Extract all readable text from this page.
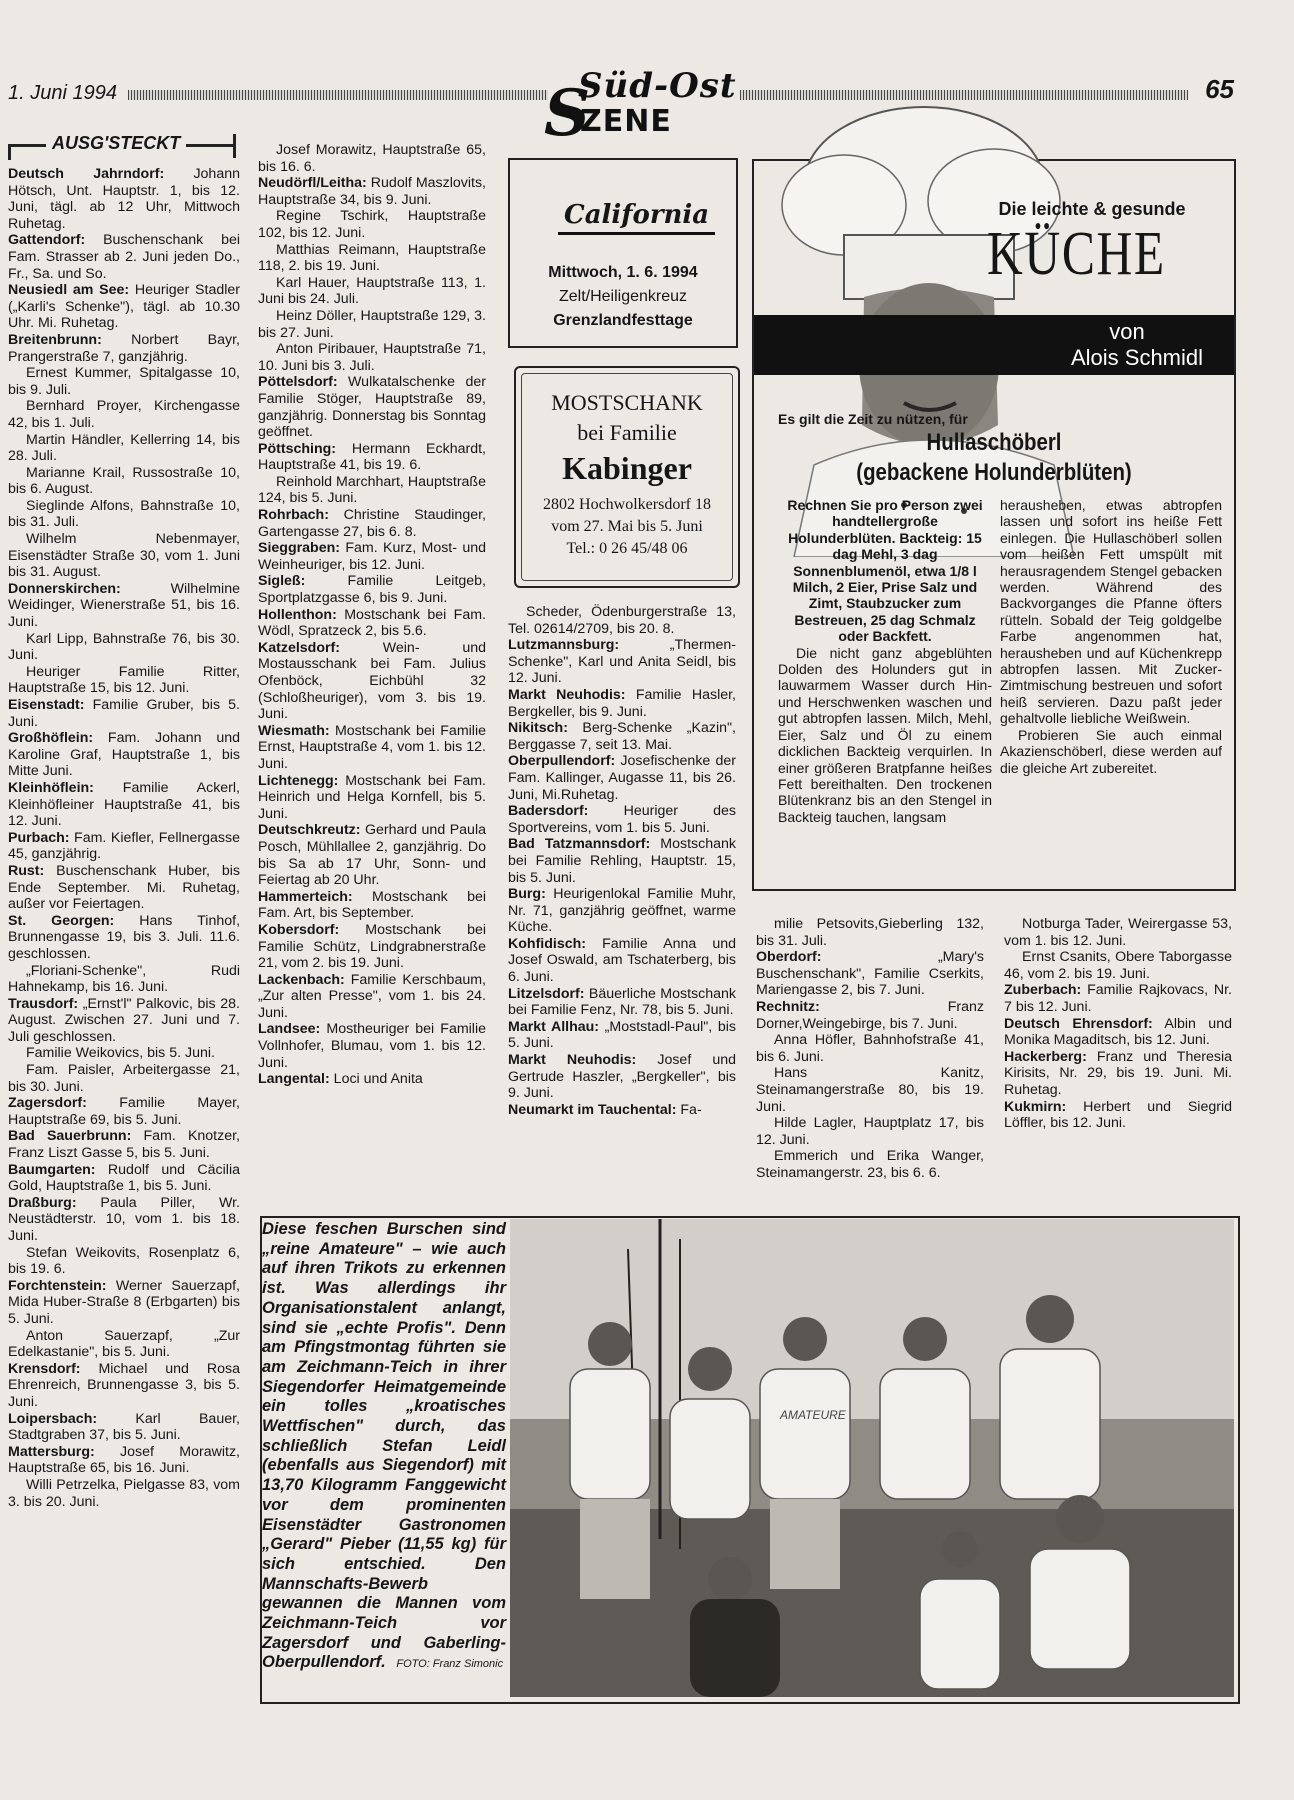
1. Juni 1994	65
Süd-Ost
ZENE
S
AUSG'STECKT

Deutsch Jahrndorf: Johann Hötsch, Unt. Hauptstr. 1, bis 12. Juni, tägl. ab 12 Uhr, Mittwoch Ruhetag.

Gattendorf: Buschenschank bei Fam. Strasser ab 2. Juni jeden Do., Fr., Sa. und So.

Neusiedl am See: Heuriger Stadler („Karli's Schenke"), tägl. ab 10.30 Uhr. Mi. Ruhetag.

Breitenbrunn: Norbert Bayr, Prangerstraße 7, ganzjährig.

Ernest Kummer, Spitalgasse 10, bis 9. Juli.

Bernhard Proyer, Kirchengasse 42, bis 1. Juli.

Martin Händler, Kellerring 14, bis 28. Juli.

Marianne Krail, Russostraße 10, bis 6. August.

Sieglinde Alfons, Bahnstraße 10, bis 31. Juli.

Wilhelm Nebenmayer, Eisenstädter Straße 30, vom 1. Juni bis 31. August.

Donnerskirchen: Wilhelmine Weidinger, Wienerstraße 51, bis 16. Juni.

Karl Lipp, Bahnstraße 76, bis 30. Juni.

Heuriger Familie Ritter, Hauptstraße 15, bis 12. Juni.

Eisenstadt: Familie Gruber, bis 5. Juni.

Großhöflein: Fam. Johann und Karoline Graf, Hauptstraße 1, bis Mitte Juni.

Kleinhöflein: Familie Ackerl, Kleinhöfleiner Hauptstraße 41, bis 12. Juni.

Purbach: Fam. Kiefler, Fellnergasse 45, ganzjährig.

Rust: Buschenschank Huber, bis Ende September. Mi. Ruhetag, außer vor Feiertagen.

St. Georgen: Hans Tinhof, Brunnengasse 19, bis 3. Juli. 11.6. geschlossen.

„Floriani-Schenke", Rudi Hahnekamp, bis 16. Juni.

Trausdorf: „Ernst'l" Palkovic, bis 28. August. Zwischen 27. Juni und 7. Juli geschlossen.

Familie Weikovics, bis 5. Juni.

Fam. Paisler, Arbeitergasse 21, bis 30. Juni.

Zagersdorf: Familie Mayer, Hauptstraße 69, bis 5. Juni.

Bad Sauerbrunn: Fam. Knotzer, Franz Liszt Gasse 5, bis 5. Juni.

Baumgarten: Rudolf und Cäcilia Gold, Hauptstraße 1, bis 5. Juni.

Draßburg: Paula Piller, Wr. Neustädterstr. 10, vom 1. bis 18. Juni.

Stefan Weikovits, Rosenplatz 6, bis 19. 6.

Forchtenstein: Werner Sauerzapf, Mida Huber-Straße 8 (Erbgarten) bis 5. Juni.

Anton Sauerzapf, „Zur Edelkastanie", bis 5. Juni.

Krensdorf: Michael und Rosa Ehrenreich, Brunnengasse 3, bis 5. Juni.

Loipersbach: Karl Bauer, Stadtgraben 37, bis 5. Juni.

Mattersburg: Josef Morawitz, Hauptstraße 65, bis 16. Juni.

Willi Petrzelka, Pielgasse 83, vom 3. bis 20. Juni.

Josef Morawitz, Hauptstraße 65, bis 16. 6.

Neudörfl/Leitha: Rudolf Maszlovits, Hauptstraße 34, bis 9. Juni.

Regine Tschirk, Hauptstraße 102, bis 12. Juni.

Matthias Reimann, Hauptstraße 118, 2. bis 19. Juni.

Karl Hauer, Hauptstraße 113, 1. Juni bis 24. Juli.

Heinz Döller, Hauptstraße 129, 3. bis 27. Juni.

Anton Piribauer, Hauptstraße 71, 10. Juni bis 3. Juli.

Pöttelsdorf: Wulkatalschenke der Familie Stöger, Hauptstraße 89, ganzjährig. Donnerstag bis Sonntag geöffnet.

Pöttsching: Hermann Eckhardt, Hauptstraße 41, bis 19. 6.

Reinhold Marchhart, Hauptstraße 124, bis 5. Juni.

Rohrbach: Christine Staudinger, Gartengasse 27, bis 6. 8.

Sieggraben: Fam. Kurz, Most- und Weinheuriger, bis 12. Juni.

Sigleß: Familie Leitgeb, Sportplatzgasse 6, bis 9. Juni.

Hollenthon: Mostschank bei Fam. Wödl, Spratzeck 2, bis 5.6.

Katzelsdorf: Wein- und Mostausschank bei Fam. Julius Ofenböck, Eichbühl 32 (Schloßheuriger), vom 3. bis 19. Juni.

Wiesmath: Mostschank bei Familie Ernst, Hauptstraße 4, vom 1. bis 12. Juni.

Lichtenegg: Mostschank bei Fam. Heinrich und Helga Kornfell, bis 5. Juni.

Deutschkreutz: Gerhard und Paula Posch, Mühllallee 2, ganzjährig. Do bis Sa ab 17 Uhr, Sonn- und Feiertag ab 20 Uhr.

Hammerteich: Mostschank bei Fam. Art, bis September.

Kobersdorf: Mostschank bei Familie Schütz, Lindgrabnerstraße 21, vom 2. bis 19. Juni.

Lackenbach: Familie Kerschbaum, „Zur alten Presse", vom 1. bis 24. Juni.

Landsee: Mostheuriger bei Familie Vollnhofer, Blumau, vom 1. bis 12. Juni.

Langental: Loci und Anita

California
Mittwoch, 1. 6. 1994
Zelt/Heiligenkreuz
Grenzlandfesttage
MOSTSCHANK
bei Familie
Kabinger
2802 Hochwolkersdorf 18
vom 27. Mai bis 5. Juni
Tel.: 0 26 45/48 06

Scheder, Ödenburgerstraße 13, Tel. 02614/2709, bis 20. 8.

Lutzmannsburg: „Thermen-Schenke", Karl und Anita Seidl, bis 12. Juni.

Markt Neuhodis: Familie Hasler, Bergkeller, bis 9. Juni.

Nikitsch: Berg-Schenke „Kazin", Berggasse 7, seit 13. Mai.

Oberpullendorf: Josefischenke der Fam. Kallinger, Augasse 11, bis 26. Juni, Mi.Ruhetag.

Badersdorf: Heuriger des Sportvereins, vom 1. bis 5. Juni.

Bad Tatzmannsdorf: Mostschank bei Familie Rehling, Hauptstr. 15, bis 5. Juni.

Burg: Heurigenlokal Familie Muhr, Nr. 71, ganzjährig geöffnet, warme Küche.

Kohfidisch: Familie Anna und Josef Oswald, am Tschaterberg, bis 6. Juni.

Litzelsdorf: Bäuerliche Mostschank bei Familie Fenz, Nr. 78, bis 5. Juni.

Markt Allhau: „Moststadl-Paul", bis 5. Juni.

Markt Neuhodis: Josef und Gertrude Haszler, „Bergkeller", bis 9. Juni.

Neumarkt im Tauchental: Fa-

Die leichte & gesunde
KÜCHE
von
Alois Schmidl
Es gilt die Zeit zu nützen, für
Hullaschöberl
(gebackene Holunderblüten)

Rechnen Sie pro Person zwei handtellergroße Holunderblüten. Backteig: 15 dag Mehl, 3 dag Sonnenblumenöl, etwa 1/8 l Milch, 2 Eier, Prise Salz und Zimt, Staubzucker zum Bestreuen, 25 dag Schmalz oder Backfett.

Die nicht ganz abgeblühten Dolden des Holunders gut in lauwarmem Wasser durch Hin- und Herschwenken waschen und gut abtropfen lassen. Milch, Mehl, Eier, Salz und Öl zu einem dicklichen Backteig verquirlen. In einer größeren Bratpfanne heißes Fett bereithalten. Den trockenen Blütenkranz bis an den Stengel in Backteig tauchen, langsam

herausheben, etwas abtropfen lassen und sofort ins heiße Fett einlegen. Die Hullaschöberl sollen vom heißen Fett umspült mit herausragendem Stengel gebacken werden. Während des Backvorganges die Pfanne öfters rütteln. Sobald der Teig goldgelbe Farbe angenommen hat, herausheben und auf Küchenkrepp abtropfen lassen. Mit Zucker-Zimtmischung bestreuen und sofort heiß servieren. Dazu paßt jeder gehaltvolle liebliche Weißwein.

Probieren Sie auch einmal Akazienschöberl, diese werden auf die gleiche Art zubereitet.

milie Petsovits,Gieberling 132, bis 31. Juli.

Oberdorf: „Mary's Buschenschank", Familie Cserkits, Mariengasse 2, bis 7. Juni.

Rechnitz: Franz Dorner,Weingebirge, bis 7. Juni.

Anna Höfler, Bahnhofstraße 41, bis 6. Juni.

Hans Kanitz, Steinamangerstraße 80, bis 19. Juni.

Hilde Lagler, Hauptplatz 17, bis 12. Juni.

Emmerich und Erika Wanger, Steinamangerstr. 23, bis 6. 6.

Notburga Tader, Weirergasse 53, vom 1. bis 12. Juni.

Ernst Csanits, Obere Taborgasse 46, vom 2. bis 19. Juni.

Zuberbach: Familie Rajkovacs, Nr. 7 bis 12. Juni.

Deutsch Ehrensdorf: Albin und Monika Magaditsch, bis 12. Juni.

Hackerberg: Franz und Theresia Kirisits, Nr. 29, bis 19. Juni. Mi. Ruhetag.

Kukmirn: Herbert und Siegrid Löffler, bis 12. Juni.

Diese feschen Burschen sind „reine Amateure" – wie auch auf ihren Trikots zu erkennen ist. Was allerdings ihr Organisationstalent anlangt, sind sie „echte Profis". Denn am Pfingstmontag führten sie am Zeichmann-Teich in ihrer Siegendorfer Heimatgemeinde ein tolles „kroatisches Wettfischen" durch, das schließlich Stefan Leidl (ebenfalls aus Siegendorf) mit 13,70 Kilogramm Fanggewicht vor dem prominenten Eisenstädter Gastronomen „Gerard" Pieber (11,55 kg) für sich entschied. Den Mannschafts-Bewerb gewannen die Mannen vom Zeichmann-Teich vor Zagersdorf und Gaberling-Oberpullendorf. FOTO: Franz Simonic
AMATEURE
